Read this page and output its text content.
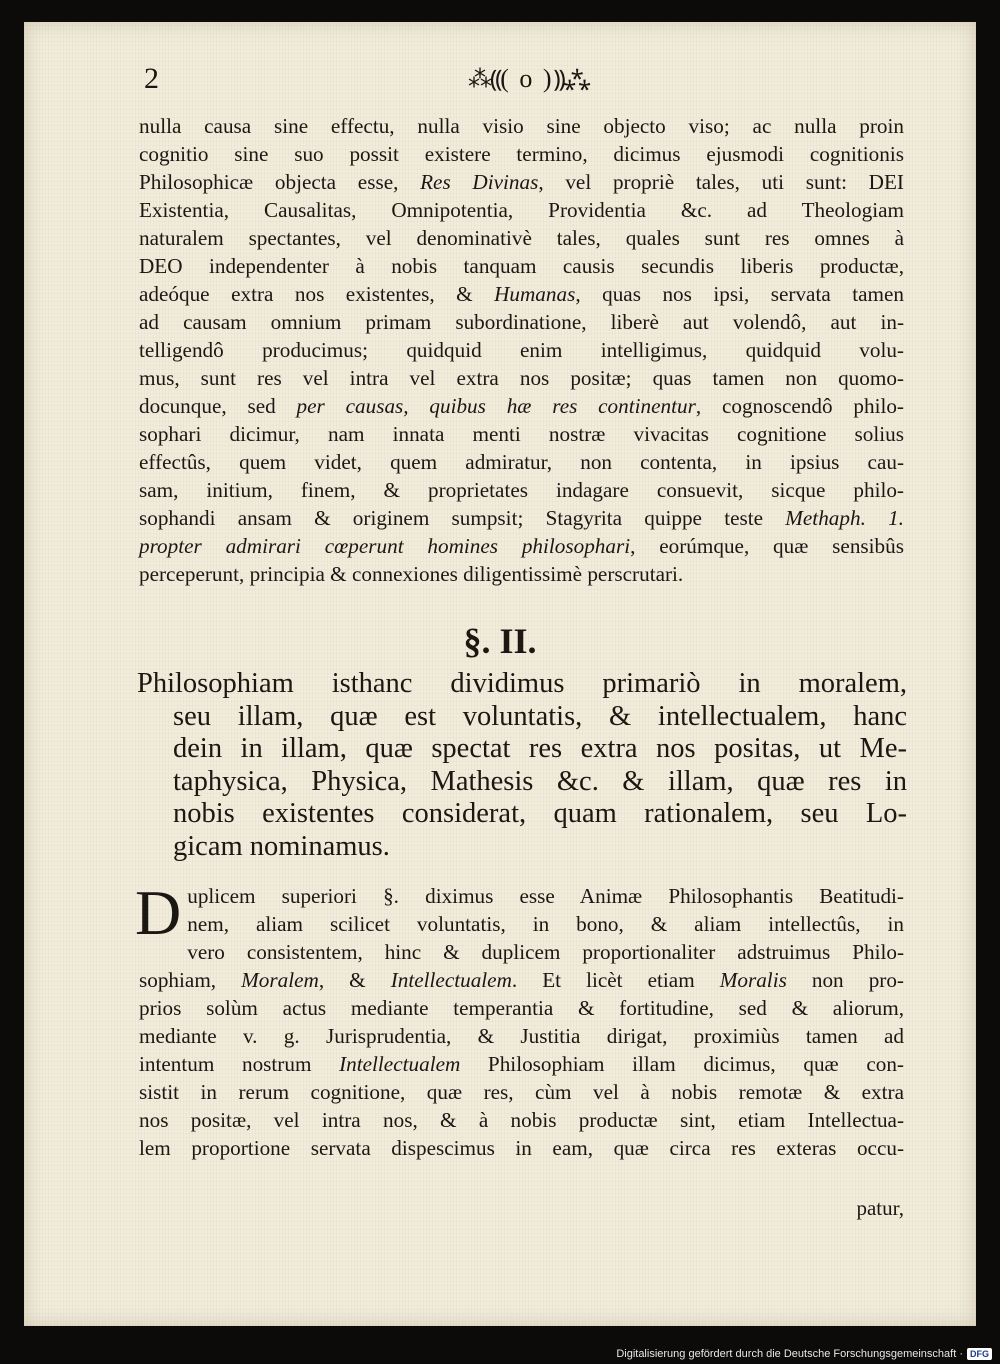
2	⁂⸨( o )⸩⁂
nulla causa sine effectu, nulla visio sine objecto viso; ac nulla proin
cognitio sine suo possit existere termino, dicimus ejusmodi cognitionis
Philosophicæ objecta esse, Res Divinas, vel propriè tales, uti sunt: DEI
Existentia, Causalitas, Omnipotentia, Providentia &c. ad Theologiam
naturalem spectantes, vel denominativè tales, quales sunt res omnes à
DEO independenter à nobis tanquam causis secundis liberis productæ,
adeóque extra nos existentes, & Humanas, quas nos ipsi, servata tamen
ad causam omnium primam subordinatione, liberè aut volendô, aut in-
telligendô producimus; quidquid enim intelligimus, quidquid volu-
mus, sunt res vel intra vel extra nos positæ; quas tamen non quomo-
docunque, sed per causas, quibus hæ res continentur, cognoscendô philo-
sophari dicimur, nam innata menti nostræ vivacitas cognitione solius
effectûs, quem videt, quem admiratur, non contenta, in ipsius cau-
sam, initium, finem, & proprietates indagare consuevit, sicque philo-
sophandi ansam & originem sumpsit; Stagyrita quippe teste Methaph. 1.
propter admirari cœperunt homines philosophari, eorúmque, quæ sensibûs
perceperunt, principia & connexiones diligentissimè perscrutari.
§. II.
Philosophiam isthanc dividimus primariò in moralem,
seu illam, quæ est voluntatis, & intellectualem, hanc
dein in illam, quæ spectat res extra nos positas, ut Me-
taphysica, Physica, Mathesis &c. & illam, quæ res in
nobis existentes considerat, quam rationalem, seu Lo-
gicam nominamus.
D uplicem superiori §. diximus esse Animæ Philosophantis Beatitudi-
nem, aliam scilicet voluntatis, in bono, & aliam intellectûs, in
vero consistentem, hinc & duplicem proportionaliter adstruimus Philo-
sophiam, Moralem, & Intellectualem. Et licèt etiam Moralis non pro-
prios solùm actus mediante temperantia & fortitudine, sed & aliorum,
mediante v. g. Jurisprudentia, & Justitia dirigat, proximiùs tamen ad
intentum nostrum Intellectualem Philosophiam illam dicimus, quæ con-
sistit in rerum cognitione, quæ res, cùm vel à nobis remotæ & extra
nos positæ, vel intra nos, & à nobis productæ sint, etiam Intellectua-
lem proportione servata dispescimus in eam, quæ circa res exteras occu-
patur,
Digitalisierung gefördert durch die Deutsche Forschungsgemeinschaft · DFG
